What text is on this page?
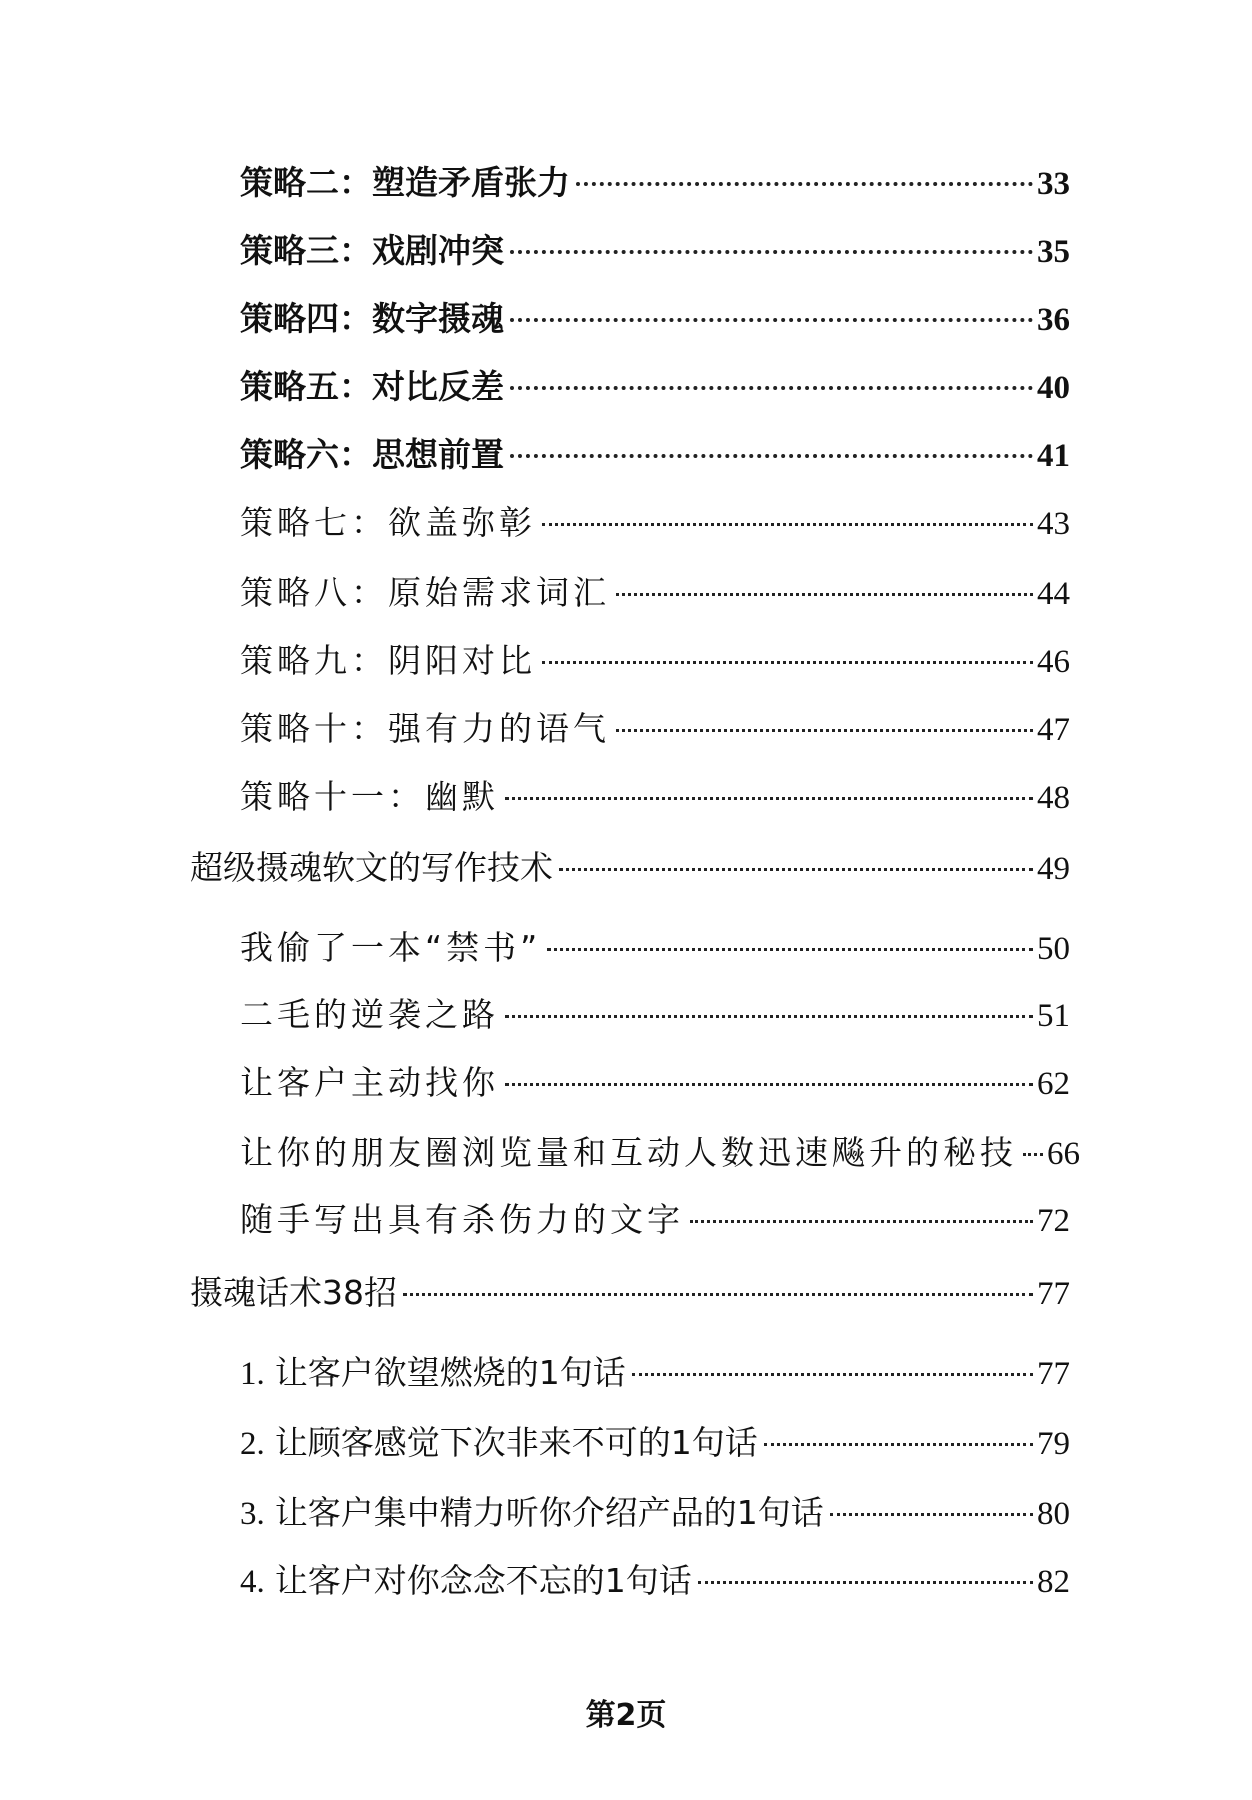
策略二：塑造矛盾张力	33
策略三：戏剧冲突	35
策略四：数字摄魂	36
策略五：对比反差	40
策略六：思想前置	41
策略七：欲盖弥彰	43
策略八：原始需求词汇	44
策略九：阴阳对比	46
策略十：强有力的语气	47
策略十一：幽默	48
超级摄魂软文的写作技术	49
我偷了一本“禁书”	50
二毛的逆袭之路	51
让客户主动找你	62
让你的朋友圈浏览量和互动人数迅速飚升的秘技 66
随手写出具有杀伤力的文字	72
摄魂话术38招	77
1. 让客户欲望燃烧的1句话	77
2. 让顾客感觉下次非来不可的1句话	79
3. 让客户集中精力听你介绍产品的1句话	80
4. 让客户对你念念不忘的1句话	82
第2页
